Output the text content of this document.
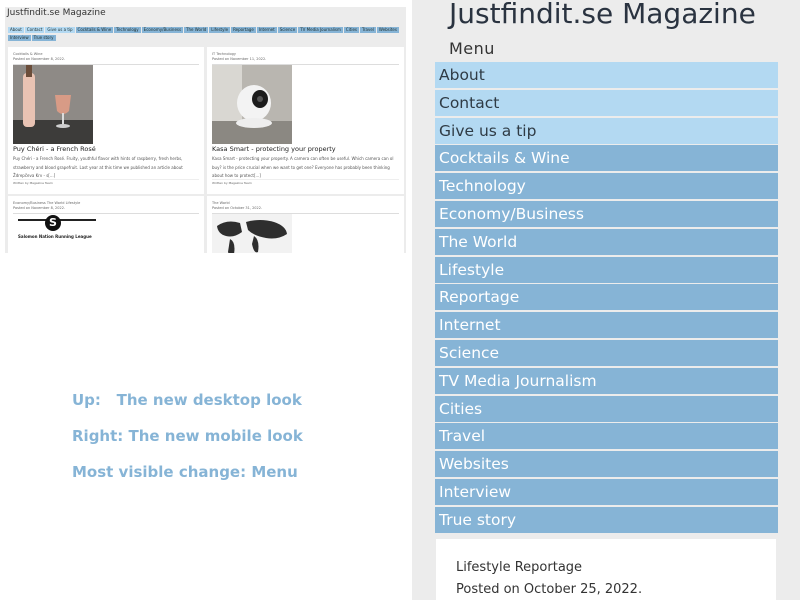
Justfindit.se Magazine
About Contact Give us a tip Cocktails & Wine Technology Economy/Business The World Lifestyle Reportage Internet Science TV Media Journalism Cities Travel WebsitesInterview True story
Cocktails & Wine
Posted on November 8, 2022.
Puy Chéri - a French Rosé
Puy Chéri - a French Rosé. Fruity, youthful flavor with hints of raspberry, fresh herbs, strawberry and blood grapefruit. Last year at this time we published an article about Ždrepčeva Krv - s[...]
Written by Magazine Team
IT Technology
Posted on November 11, 2022.
Kasa Smart - protecting your property
Kasa Smart - protecting your property. A camera can often be useful. Which camera can ol buy? is the price crucial when we want to get one? Everyone has probably been thinking about how to protect[...]
Written by Magazine Team
Economy/Business The World Lifestyle
Posted on November 8, 2022.
S
Salomon Nation Running League
The World
Posted on October 31, 2022.
Up:   The new desktop look
Right: The new mobile look
Most visible change: Menu
Justfindit.se Magazine
Menu
About
Contact
Give us a tip
Cocktails & Wine
Technology
Economy/Business
The World
Lifestyle
Reportage
Internet
Science
TV Media Journalism
Cities
Travel
Websites
Interview
True story
Lifestyle Reportage
Posted on October 25, 2022.
